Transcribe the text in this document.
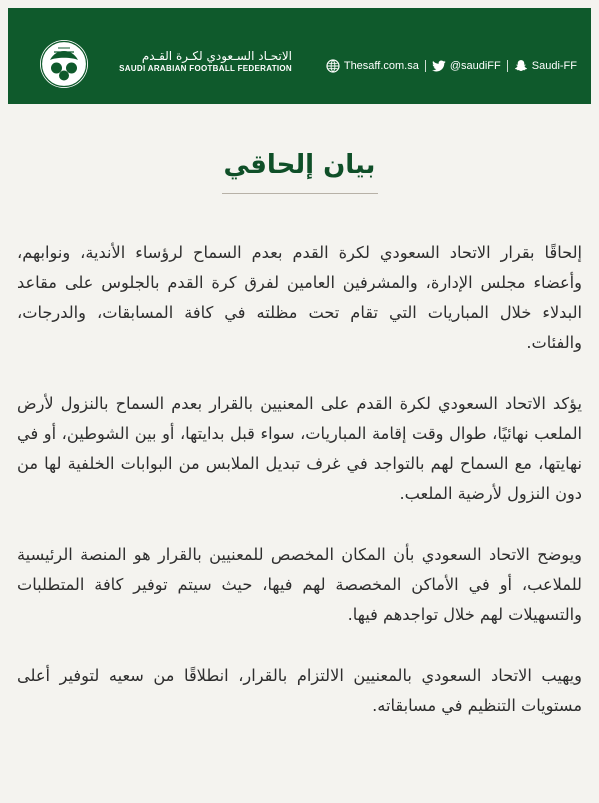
الاتحـاد السـعودي لكـرة القـدم
SAUDI ARABIAN FOOTBALL FEDERATION	Thesaff.com.sa	@saudiFF	Saudi-FF
بيان إلحاقي

إلحاقًا بقرار الاتحاد السعودي لكرة القدم بعدم السماح لرؤساء الأندية، ونوابهم، وأعضاء مجلس الإدارة، والمشرفين العامين لفرق كرة القدم بالجلوس على مقاعد البدلاء خلال المباريات التي تقام تحت مظلته في كافة المسابقات، والدرجات، والفئات.

يؤكد الاتحاد السعودي لكرة القدم على المعنيين بالقرار بعدم السماح بالنزول لأرض الملعب نهائيًا، طوال وقت إقامة المباريات، سواء قبل بدايتها، أو بين الشوطين، أو في نهايتها، مع السماح لهم بالتواجد في غرف تبديل الملابس من البوابات الخلفية لها من دون النزول لأرضية الملعب.

ويوضح الاتحاد السعودي بأن المكان المخصص للمعنيين بالقرار هو المنصة الرئيسية للملاعب، أو في الأماكن المخصصة لهم فيها، حيث سيتم توفير كافة المتطلبات والتسهيلات لهم خلال تواجدهم فيها.

ويهيب الاتحاد السعودي بالمعنيين الالتزام بالقرار، انطلاقًا من سعيه لتوفير أعلى مستويات التنظيم في مسابقاته.
